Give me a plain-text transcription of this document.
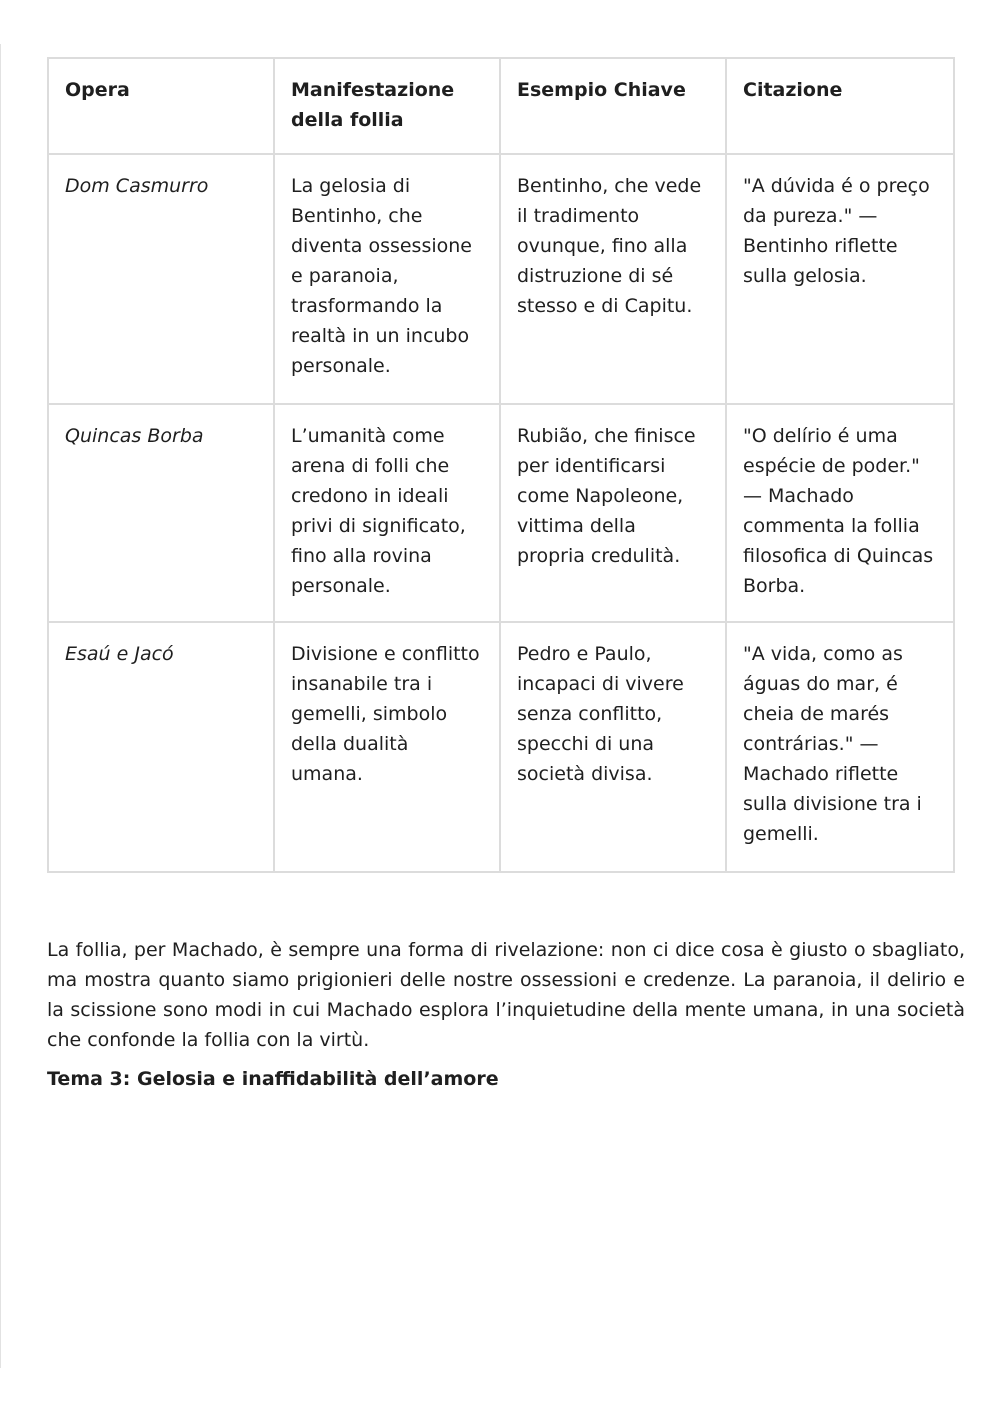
Opera	Manifestazione della follia	Esempio Chiave	Citazione
Dom Casmurro	La gelosia di Bentinho, che diventa ossessione e paranoia, trasformando la realtà in un incubo personale.	Bentinho, che vede il tradimento ovunque, fino alla distruzione di sé stesso e di Capitu.	"A dúvida é o preço da pureza." — Bentinho riflette sulla gelosia.
Quincas Borba	L’umanità come arena di folli che credono in ideali privi di significato, fino alla rovina personale.	Rubião, che finisce per identificarsi come Napoleone, vittima della propria credulità.	"O delírio é uma espécie de poder." — Machado commenta la follia filosofica di Quincas Borba.
Esaú e Jacó	Divisione e conflitto insanabile tra i gemelli, simbolo della dualità umana.	Pedro e Paulo, incapaci di vivere senza conflitto, specchi di una società divisa.	"A vida, como as águas do mar, é cheia de marés contrárias." — Machado riflette sulla divisione tra i gemelli.

La follia, per Machado, è sempre una forma di rivelazione: non ci dice cosa è giusto o sbagliato, ma mostra quanto siamo prigionieri delle nostre ossessioni e credenze. La paranoia, il delirio e la scissione sono modi in cui Machado esplora l’inquietudine della mente umana, in una società che confonde la follia con la virtù.

Tema 3: Gelosia e inaffidabilità dell’amore
